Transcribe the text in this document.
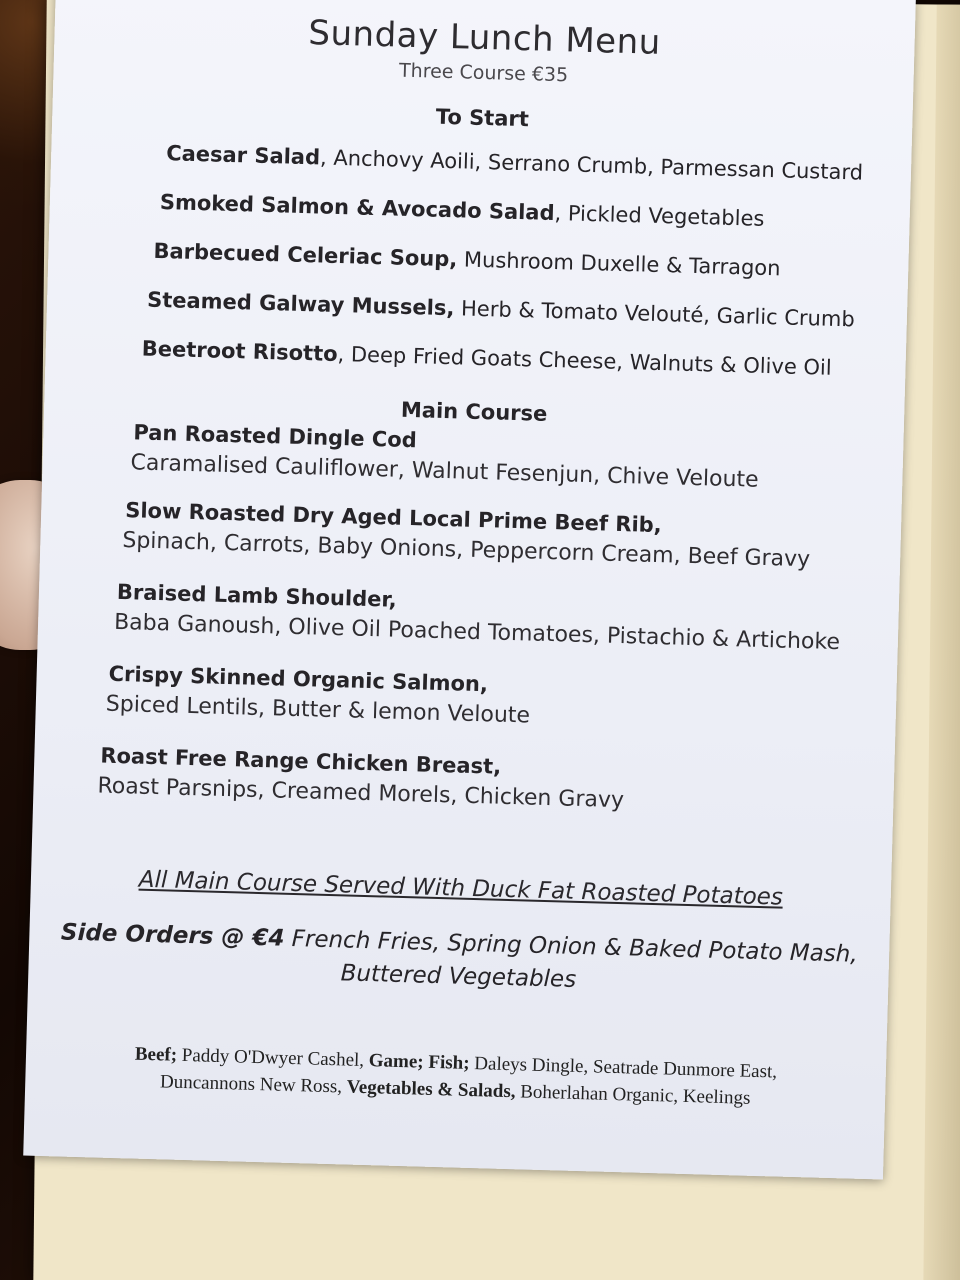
Sunday Lunch Menu
Three Course €35
To Start
Caesar Salad, Anchovy Aoili, Serrano Crumb, Parmessan Custard
Smoked Salmon & Avocado Salad, Pickled Vegetables
Barbecued Celeriac Soup, Mushroom Duxelle & Tarragon
Steamed Galway Mussels, Herb & Tomato Velouté, Garlic Crumb
Beetroot Risotto, Deep Fried Goats Cheese, Walnuts & Olive Oil
Main Course
Pan Roasted Dingle Cod
Caramalised Cauliflower, Walnut Fesenjun, Chive Veloute
Slow Roasted Dry Aged Local Prime Beef Rib,
Spinach, Carrots, Baby Onions, Peppercorn Cream, Beef Gravy
Braised Lamb Shoulder,
Baba Ganoush, Olive Oil Poached Tomatoes, Pistachio & Artichoke
Crispy Skinned Organic Salmon,
Spiced Lentils, Butter & lemon Veloute
Roast Free Range Chicken Breast,
Roast Parsnips, Creamed Morels, Chicken Gravy
All Main Course Served With Duck Fat Roasted Potatoes
Side Orders @ €4 French Fries, Spring Onion & Baked Potato Mash,
Buttered Vegetables
Beef; Paddy O'Dwyer Cashel, Game; Fish; Daleys Dingle, Seatrade Dunmore East,
Duncannons New Ross, Vegetables & Salads, Boherlahan Organic, Keelings
